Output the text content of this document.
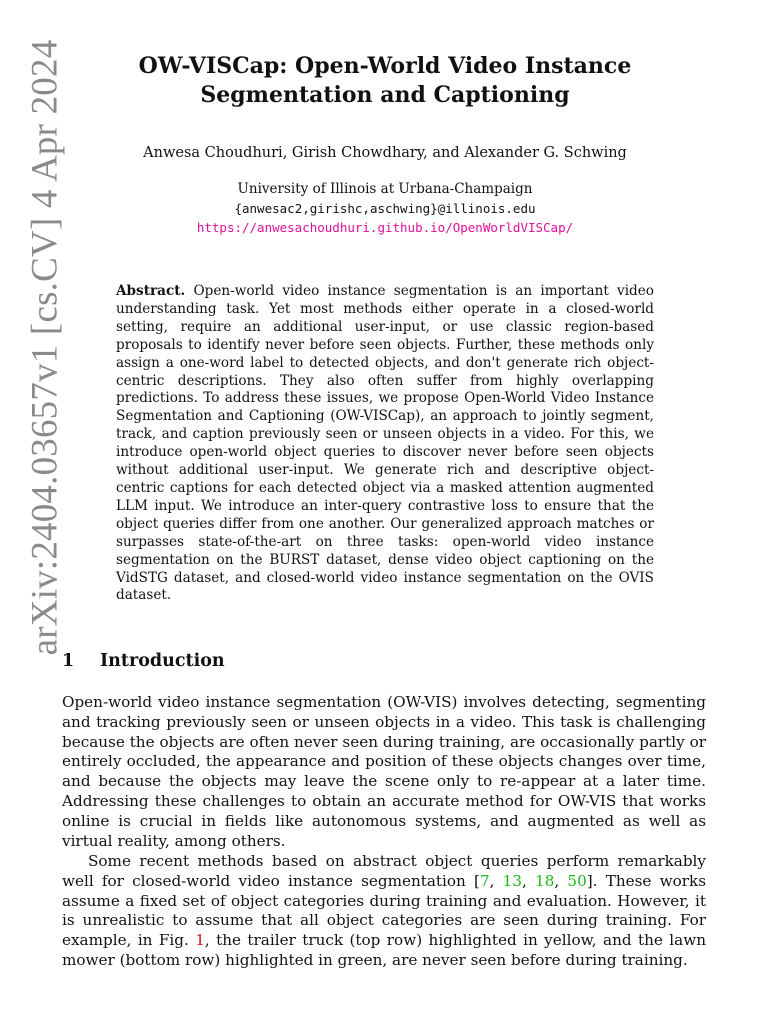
arXiv:2404.03657v1 [cs.CV] 4 Apr 2024	OW-VISCap: Open-World Video Instance
Segmentation and Captioning
Anwesa Choudhuri, Girish Chowdhary, and Alexander G. Schwing
University of Illinois at Urbana-Champaign
{anwesac2,girishc,aschwing}@illinois.edu
https://anwesachoudhuri.github.io/OpenWorldVISCap/
Abstract. Open-world video instance segmentation is an important video understanding task. Yet most methods either operate in a closed-world setting, require an additional user-input, or use classic region-based proposals to identify never before seen objects. Further, these methods only assign a one-word label to detected objects, and don't generate rich object-centric descriptions. They also often suffer from highly overlapping predictions. To address these issues, we propose Open-World Video Instance Segmentation and Captioning (OW-VISCap), an approach to jointly segment, track, and caption previously seen or unseen objects in a video. For this, we introduce open-world object queries to discover never before seen objects without additional user-input. We generate rich and descriptive object-centric captions for each detected object via a masked attention augmented LLM input. We introduce an inter-query contrastive loss to ensure that the object queries differ from one another. Our generalized approach matches or surpasses state-of-the-art on three tasks: open-world video instance segmentation on the BURST dataset, dense video object captioning on the VidSTG dataset, and closed-world video instance segmentation on the OVIS dataset.
1 Introduction

Open-world video instance segmentation (OW-VIS) involves detecting, segmenting and tracking previously seen or unseen objects in a video. This task is challenging because the objects are often never seen during training, are occasionally partly or entirely occluded, the appearance and position of these objects changes over time, and because the objects may leave the scene only to re-appear at a later time. Addressing these challenges to obtain an accurate method for OW-VIS that works online is crucial in fields like autonomous systems, and augmented as well as virtual reality, among others.

Some recent methods based on abstract object queries perform remarkably well for closed-world video instance segmentation [7, 13, 18, 50]. These works assume a fixed set of object categories during training and evaluation. However, it is unrealistic to assume that all object categories are seen during training. For example, in Fig. 1, the trailer truck (top row) highlighted in yellow, and the lawn mower (bottom row) highlighted in green, are never seen before during training.
